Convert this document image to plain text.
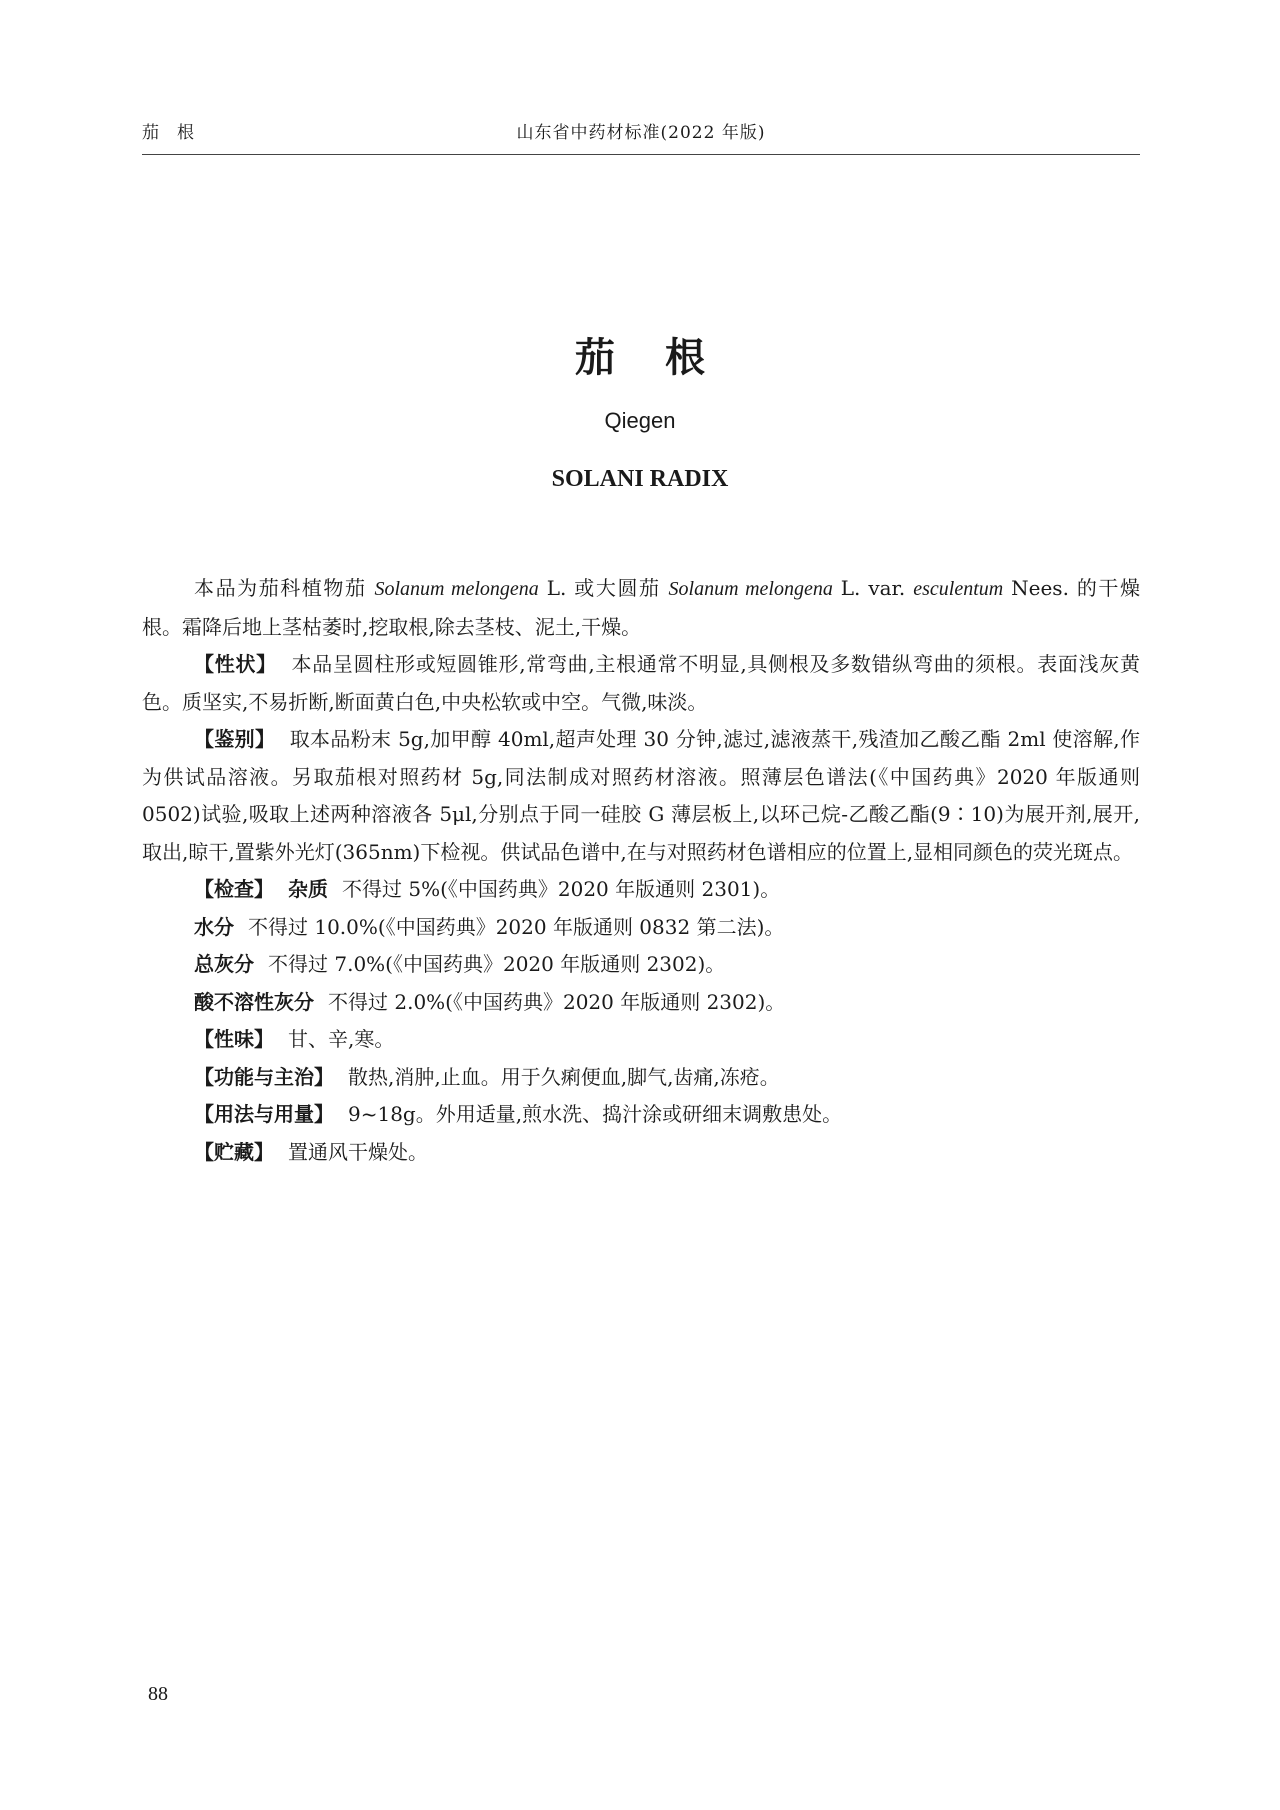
茄根	山东省中药材标准(2022 年版)
茄根
Qiegen
SOLANI RADIX

本品为茄科植物茄 Solanum melongena L. 或大圆茄 Solanum melongena L. var. esculentum Nees. 的干燥根。霜降后地上茎枯萎时,挖取根,除去茎枝、泥土,干燥。

【性状】 本品呈圆柱形或短圆锥形,常弯曲,主根通常不明显,具侧根及多数错纵弯曲的须根。表面浅灰黄色。质坚实,不易折断,断面黄白色,中央松软或中空。气微,味淡。

【鉴别】 取本品粉末 5g,加甲醇 40ml,超声处理 30 分钟,滤过,滤液蒸干,残渣加乙酸乙酯 2ml 使溶解,作为供试品溶液。另取茄根对照药材 5g,同法制成对照药材溶液。照薄层色谱法(《中国药典》2020 年版通则 0502)试验,吸取上述两种溶液各 5μl,分别点于同一硅胶 G 薄层板上,以环己烷-乙酸乙酯(9∶10)为展开剂,展开,取出,晾干,置紫外光灯(365nm)下检视。供试品色谱中,在与对照药材色谱相应的位置上,显相同颜色的荧光斑点。

【检查】 杂质 不得过 5%(《中国药典》2020 年版通则 2301)。

水分 不得过 10.0%(《中国药典》2020 年版通则 0832 第二法)。

总灰分 不得过 7.0%(《中国药典》2020 年版通则 2302)。

酸不溶性灰分 不得过 2.0%(《中国药典》2020 年版通则 2302)。

【性味】 甘、辛,寒。

【功能与主治】 散热,消肿,止血。用于久痢便血,脚气,齿痛,冻疮。

【用法与用量】 9~18g。外用适量,煎水洗、捣汁涂或研细末调敷患处。

【贮藏】 置通风干燥处。

88
